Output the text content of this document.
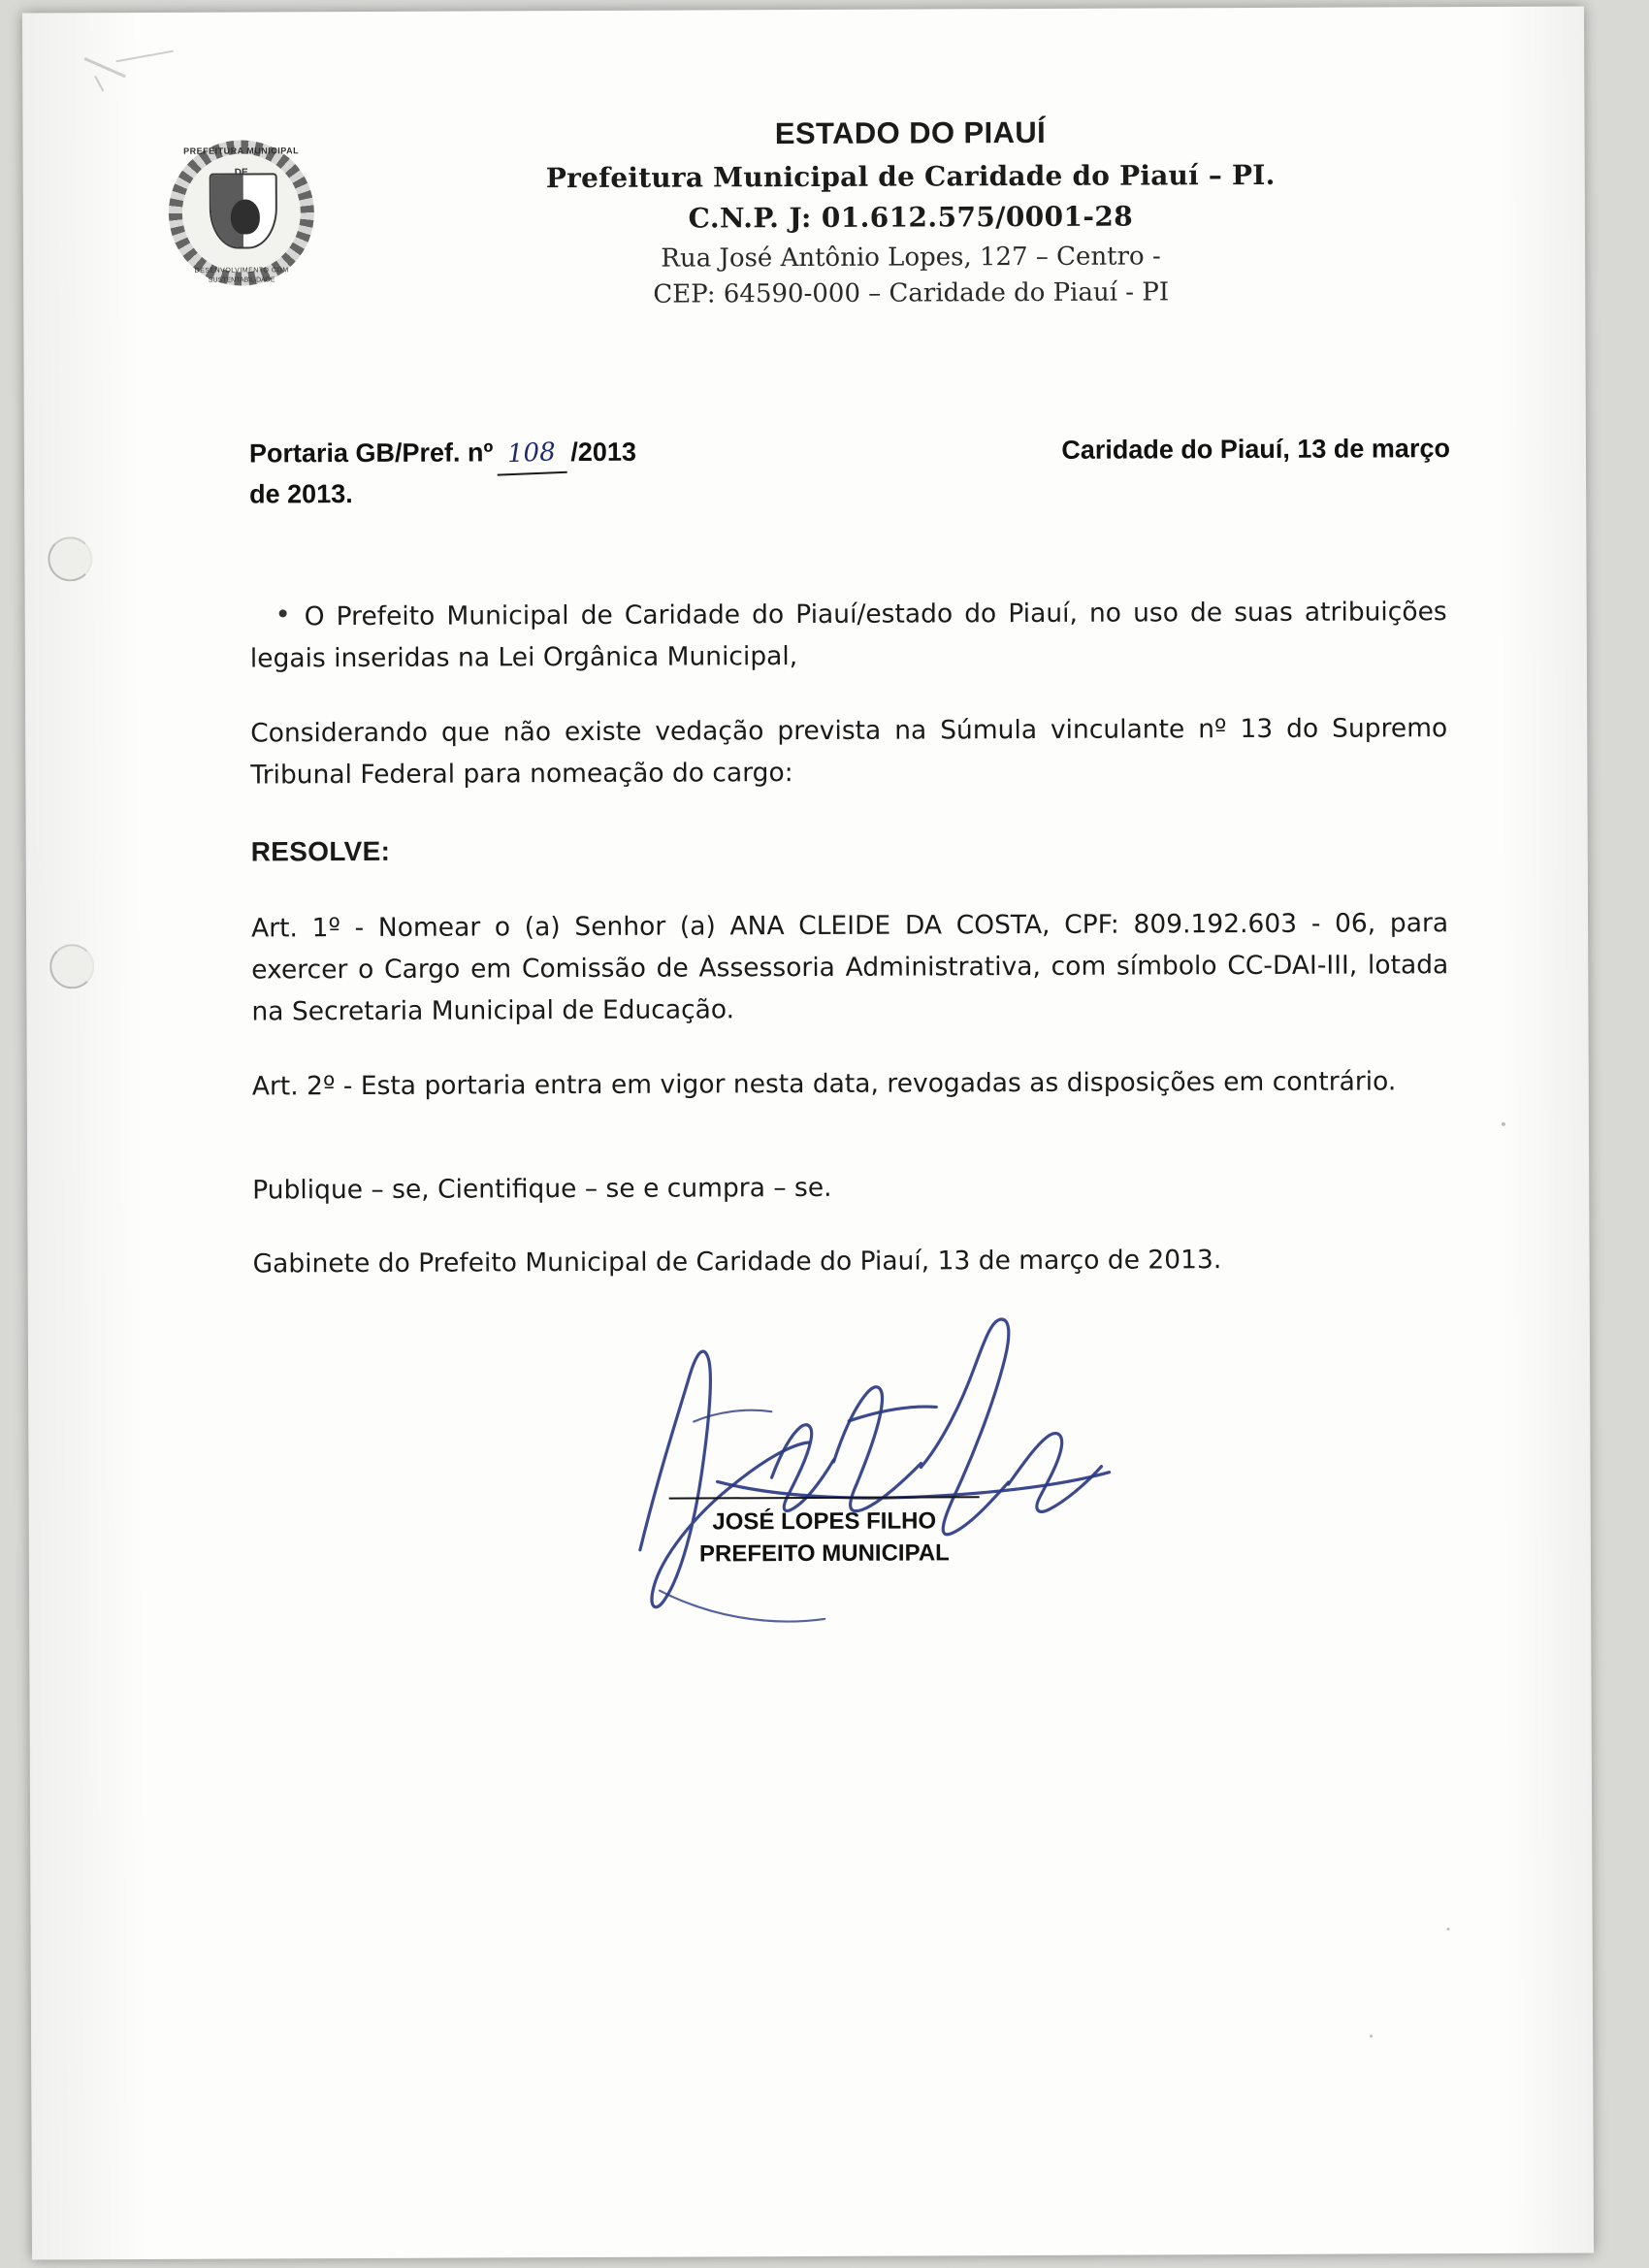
PREFEITURA MUNICIPAL
DESENVOLVIMENTO COM
SUSTENTABILIDADE
ESTADO DO PIAUÍ
Prefeitura Municipal de Caridade do Piauí – PI.
C.N.P. J: 01.612.575/0001-28
Rua José Antônio Lopes, 127 – Centro -
CEP: 64590-000 – Caridade do Piauí - PI
Portaria GB/Pref. nº 108 /2013	Caridade do Piauí, 13 de março
de 2013.

O Prefeito Municipal de Caridade do Piauí/estado do Piauí, no uso de suas atribuições legais inseridas na Lei Orgânica Municipal,

Considerando que não existe vedação prevista na Súmula vinculante nº 13 do Supremo Tribunal Federal para nomeação do cargo:

RESOLVE:

Art. 1º - Nomear o (a) Senhor (a) ANA CLEIDE DA COSTA, CPF: 809.192.603 - 06, para exercer o Cargo em Comissão de Assessoria Administrativa, com símbolo CC-DAI-III, lotada na Secretaria Municipal de Educação.

Art. 2º - Esta portaria entra em vigor nesta data, revogadas as disposições em contrário.

Publique – se, Cientifique – se e cumpra – se.

Gabinete do Prefeito Municipal de Caridade do Piauí, 13 de março de 2013.

JOSÉ LOPES FILHO
PREFEITO MUNICIPAL
